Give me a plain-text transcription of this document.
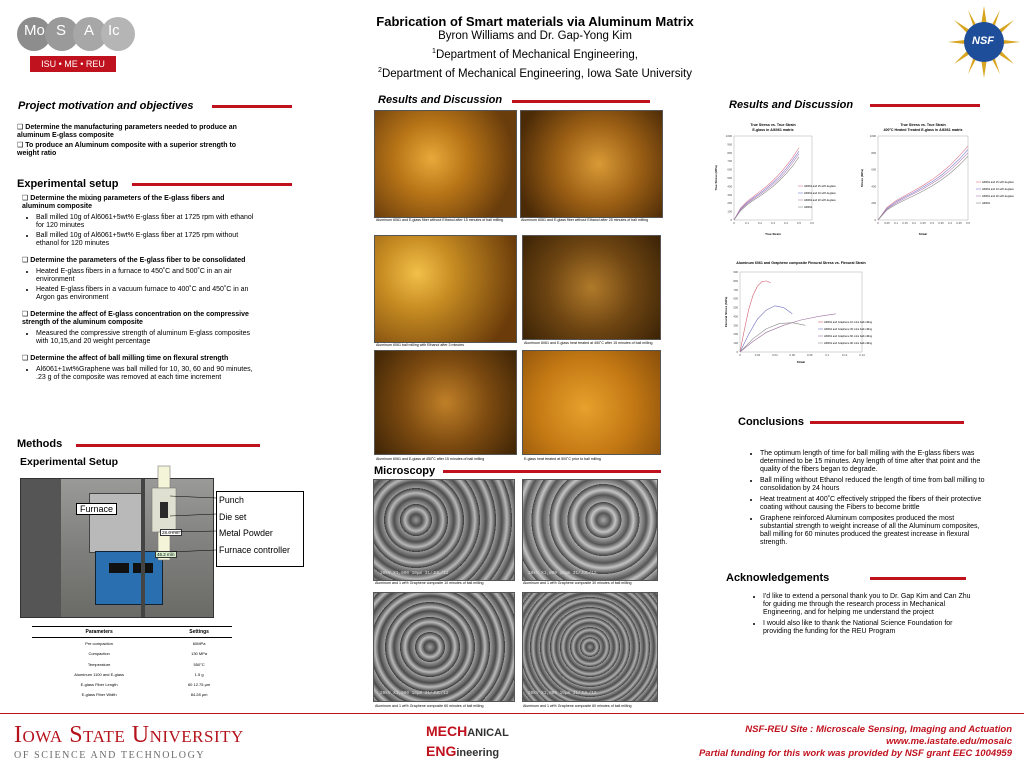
Mo S A Ic
ISU • ME • REU
Fabrication of Smart materials via Aluminum Matrix
Byron Williams and Dr. Gap-Yong Kim
$^1$Department of Mechanical Engineering,
$^2$Department of Mechanical Engineering, Iowa Sate University
NSF
Project motivation and objectives
❑ Determine the manufacturing parameters needed to produce an aluminum E-glass composite
❑ To produce an Aluminum composite with a superior strength to weight ratio
Experimental setup
❑ Determine the mixing parameters of the E-glass fibers and aluminum composite
• Ball milled 10g of Al6061+5wt% E-glass fiber at 1725 rpm with ethanol for 120 minutes
• Ball milled 10g of Al6061+5wt% E-glass fiber at 1725 rpm without ethanol for 120 minutes
❑ Determine the parameters of the E-glass fiber to be consolidated
• Heated E-glass fibers in a furnace to 450˚C and 500˚C in an air environment
• Heated E-glass fibers in a vacuum furnace to 400˚C and 450˚C in an Argon gas environment
❑ Determine the affect of E-glass concentration on the compressive strength of the aluminum composite
• Measured the compressive strength of aluminum E-glass composites with 10,15,and 20 weight percentage
❑ Determine the affect of ball milling time on flexural strength
• Al6061+1wt%Graphene was ball milled for 10, 30, 60 and 90 minutes, .23 g of the composite was removed at each time increment
Methods
Experimental Setup
Furnace
28.6 mm
46.2 mm
Punch
Die set
Metal Powder
Furnace controller
Parameters	Settings
Pre compaction	60MPa
Compaction	130 MPa
Temperature	550°C
Aluminum 1100 and E-glass	1.5 g
E-glass Fiber Length	60 12.75 μm
E-glass Fiber Width	84.28 μm
Results and Discussion
Aluminum 6061 and E-glass fiber without Ethanol after 15 minutes of ball milling	Aluminum 6061 and E-glass fiber without Ethanol after 25 minutes of ball milling
Aluminum 6061 ball milling with Ethanol after 3 minutes	Aluminum 6061 and E-glass heat treated at 450˚C after 15 minutes of ball milling
Aluminum 6061 and E-glass at 450˚C after 15 minutes of ball milling	E-glass heat treated at 500˚C prior to ball milling
Microscopy
20kV X1,000 10μm 31/JUL/12	20kV X1,000 10μm 31/JUL/12
Aluminum and 1 wt% Graphene composite 10 minutes of ball milling	Aluminum and 1 wt% Graphene composite 30 minutes of ball milling
20kV X1,000 10μm 31/JUL/12	20kV X1,000 10μm 31/JUL/12
Aluminum and 1 wt% Graphene composite 60 minutes of ball milling	Aluminum and 1 wt% Graphene composite 60 minutes of ball milling
Results and Discussion
True Stress vs. True Strain
E-glass in Al6061 matrix
0
100
200
300
400
500
600
700
800
900
1000
0	0.1	0.2	0.3	0.4	0.5	0.6
True Strain
True Stress (MPa)	Al6061 and 15 wt% E-glass
Al6061 and 10 wt% E-glass
Al6061 and 20 wt% E-glass
Al6061
True Stress vs. True Strain
400°C Heated Treated E-glass in Al6061 matrix
0
200
400
600
800
1000
0 0.05 0.1 0.15 0.2 0.25 0.3 0.35 0.4 0.45 0.5
Strain
Stress (MPa)	Al6061 and 15 wt% E-glass
Al6061 and 10 wt% E-glass
Al6061 and 20 wt% E-glass
Al6061
Aluminum 6061 and Graphene composite Flexural Stress vs. Flexural Strain
0
100
200
300
400
500
600
700
800
900
0	0.02	0.04	0.06	0.08	0.1	0.12	0.14
Strain
Flexural Stress (MPa)	Al6061 and Graphene 10 mins ball milling
Al6061 and Graphene 30 mins ball milling
Al6061 and Graphene 60 mins ball milling
Al6061 and Graphene 90 mins ball milling
Conclusions
• The optimum length of time for ball milling with the E-glass fibers was determined to be 15 minutes. Any length of time after that point and the quality of the fibers began to degrade.
• Ball milling without Ethanol reduced the length of time from ball milling to consolidation by 24 hours
• Heat treatment at 400˚C effectively stripped the fibers of their protective coating without causing the Fibers to become brittle
• Graphene reinforced Aluminum composites produced the most substantial strength to weight increase of all the Aluminum composites, ball milling for 60 minutes produced the greatest increase in flexural strength.
Acknowledgements
• I'd like to extend a personal thank you to Dr. Gap Kim and Can Zhu for guiding me through the research process in Mechanical Engineering, and for helping me understand the project
• I would also like to thank the National Science Foundation for providing the funding for the REU Program
Iowa State University
OF SCIENCE AND TECHNOLOGY
MECHANICAL
ENGineering
NSF-REU Site : Microscale Sensing, Imaging and Actuation
www.me.iastate.edu/mosaic
Partial funding for this work was provided by NSF grant EEC 1004959
